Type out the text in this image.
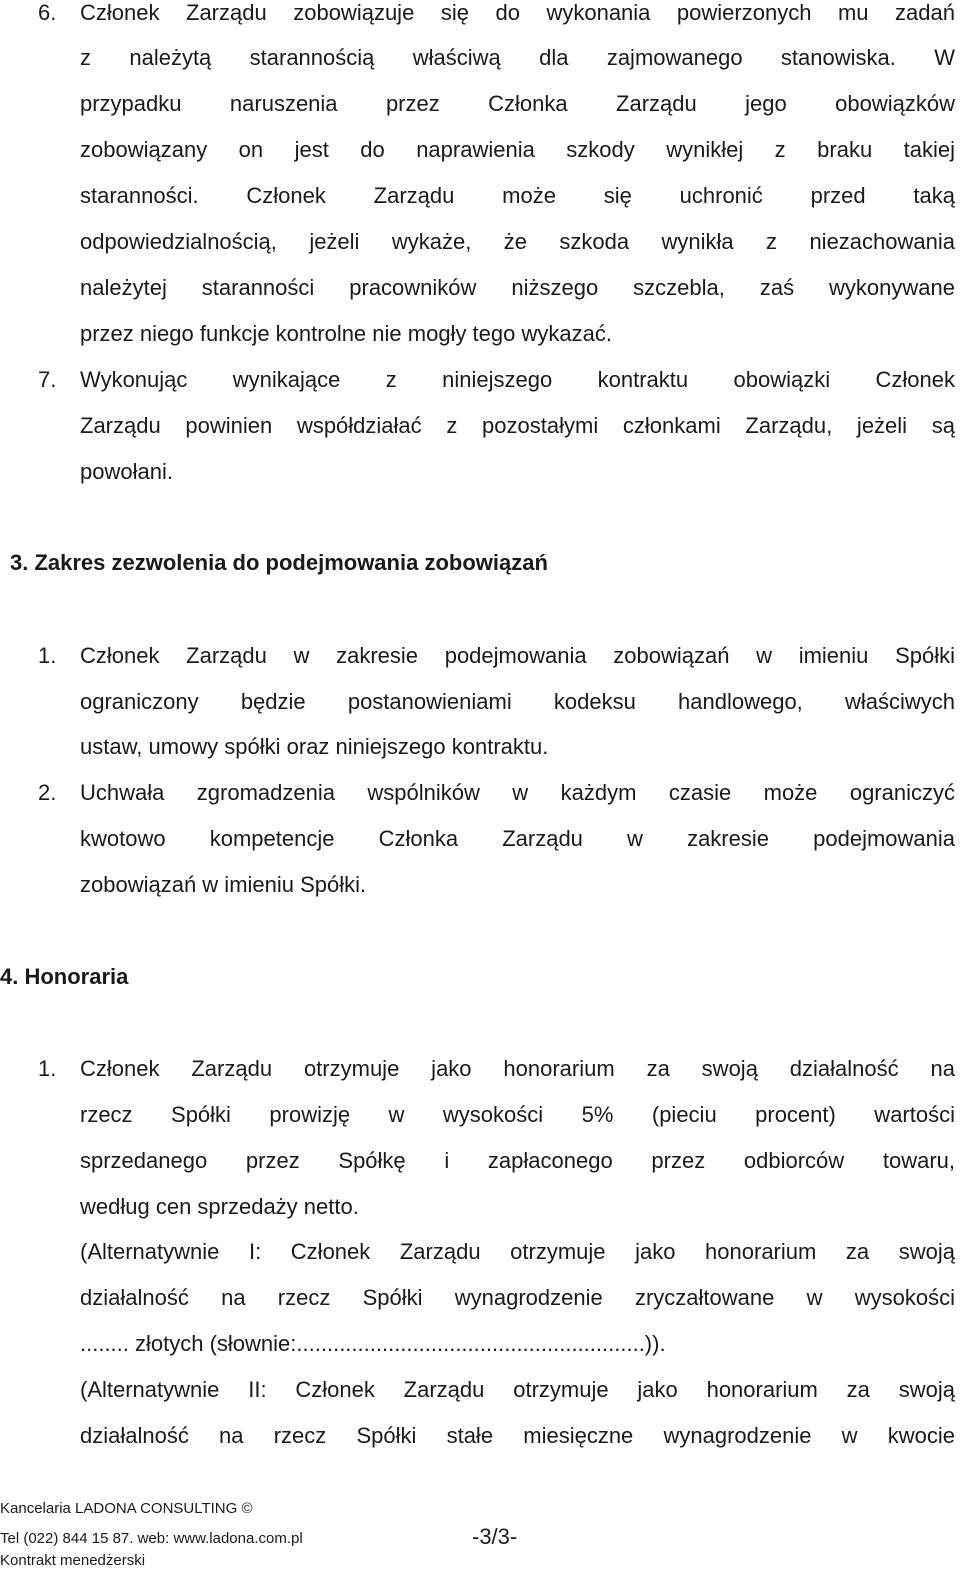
6. Członek Zarządu zobowiązuje się do wykonania powierzonych mu zadań
z należytą starannością właściwą dla zajmowanego stanowiska. W
przypadku naruszenia przez Członka Zarządu jego obowiązków
zobowiązany on jest do naprawienia szkody wynikłej z braku takiej
staranności. Członek Zarządu może się uchronić przed taką
odpowiedzialnością, jeżeli wykaże, że szkoda wynikła z niezachowania
należytej staranności pracowników niższego szczebla, zaś wykonywane
przez niego funkcje kontrolne nie mogły tego wykazać.
7. Wykonując wynikające z niniejszego kontraktu obowiązki Członek
Zarządu powinien współdziałać z pozostałymi członkami Zarządu, jeżeli są
powołani.
3. Zakres zezwolenia do podejmowania zobowiązań
1. Członek Zarządu w zakresie podejmowania zobowiązań w imieniu Spółki
ograniczony będzie postanowieniami kodeksu handlowego, właściwych
ustaw, umowy spółki oraz niniejszego kontraktu.
2. Uchwała zgromadzenia wspólników w każdym czasie może ograniczyć
kwotowo kompetencje Członka Zarządu w zakresie podejmowania
zobowiązań w imieniu Spółki.
4. Honoraria
1. Członek Zarządu otrzymuje jako honorarium za swoją działalność na
rzecz Spółki prowizję w wysokości 5% (pieciu procent) wartości
sprzedanego przez Spółkę i zapłaconego przez odbiorców towaru,
według cen sprzedaży netto.
(Alternatywnie I: Członek Zarządu otrzymuje jako honorarium za swoją
działalność na rzecz Spółki wynagrodzenie zryczałtowane w wysokości
........ złotych (słownie:.........................................................)).
(Alternatywnie II: Członek Zarządu otrzymuje jako honorarium za swoją
działalność na rzecz Spółki stałe miesięczne wynagrodzenie w kwocie
Kancelaria LADONA CONSULTING ©
Tel (022) 844 15 87. web: www.ladona.com.pl
Kontrakt menedżerski
-3/3-
